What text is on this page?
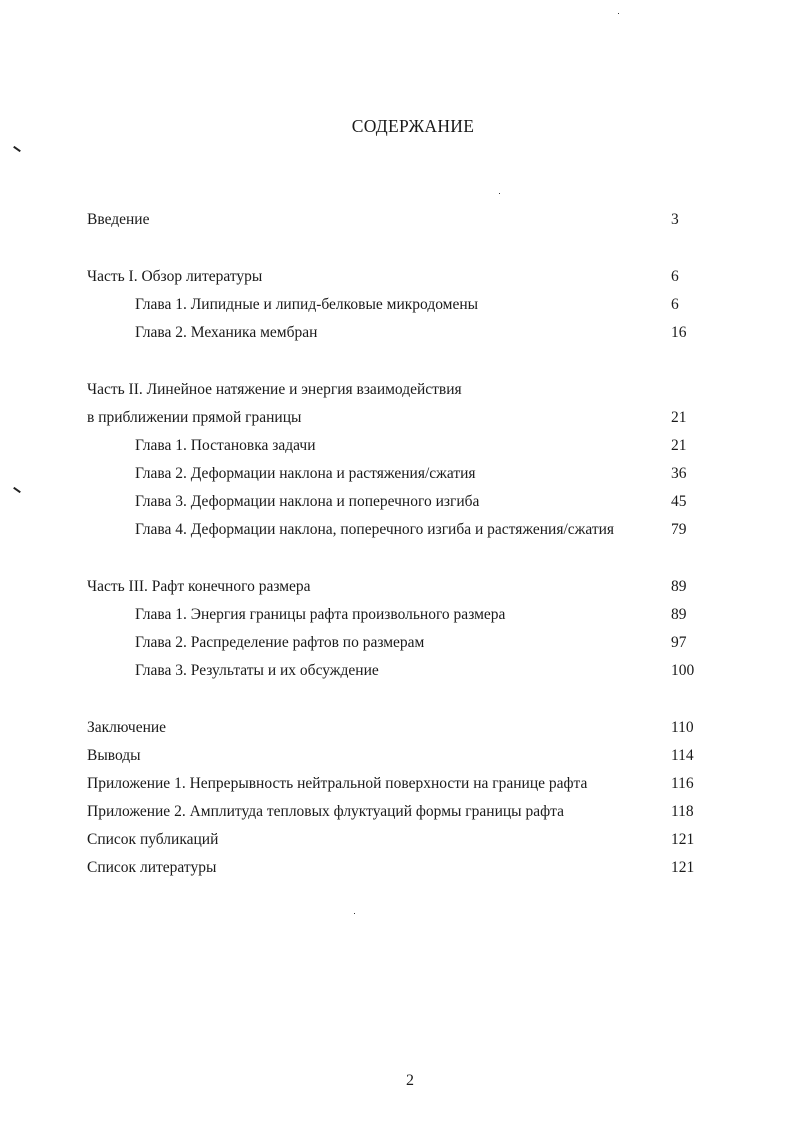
СОДЕРЖАНИЕ
Введение	3
Часть I. Обзор литературы	6
Глава 1. Липидные и липид-белковые микродомены	6
Глава 2. Механика мембран	16
Часть II. Линейное натяжение и энергия взаимодействия
в приближении прямой границы	21
Глава 1. Постановка задачи	21
Глава 2. Деформации наклона и растяжения/сжатия	36
Глава 3. Деформации наклона и поперечного изгиба	45
Глава 4. Деформации наклона, поперечного изгиба и растяжения/сжатия	79
Часть III. Рафт конечного размера	89
Глава 1. Энергия границы рафта произвольного размера	89
Глава 2. Распределение рафтов по размерам	97
Глава 3. Результаты и их обсуждение	100
Заключение	110
Выводы	114
Приложение 1. Непрерывность нейтральной поверхности на границе рафта	116
Приложение 2. Амплитуда тепловых флуктуаций формы границы рафта	118
Список публикаций	121
Список литературы	121
2
